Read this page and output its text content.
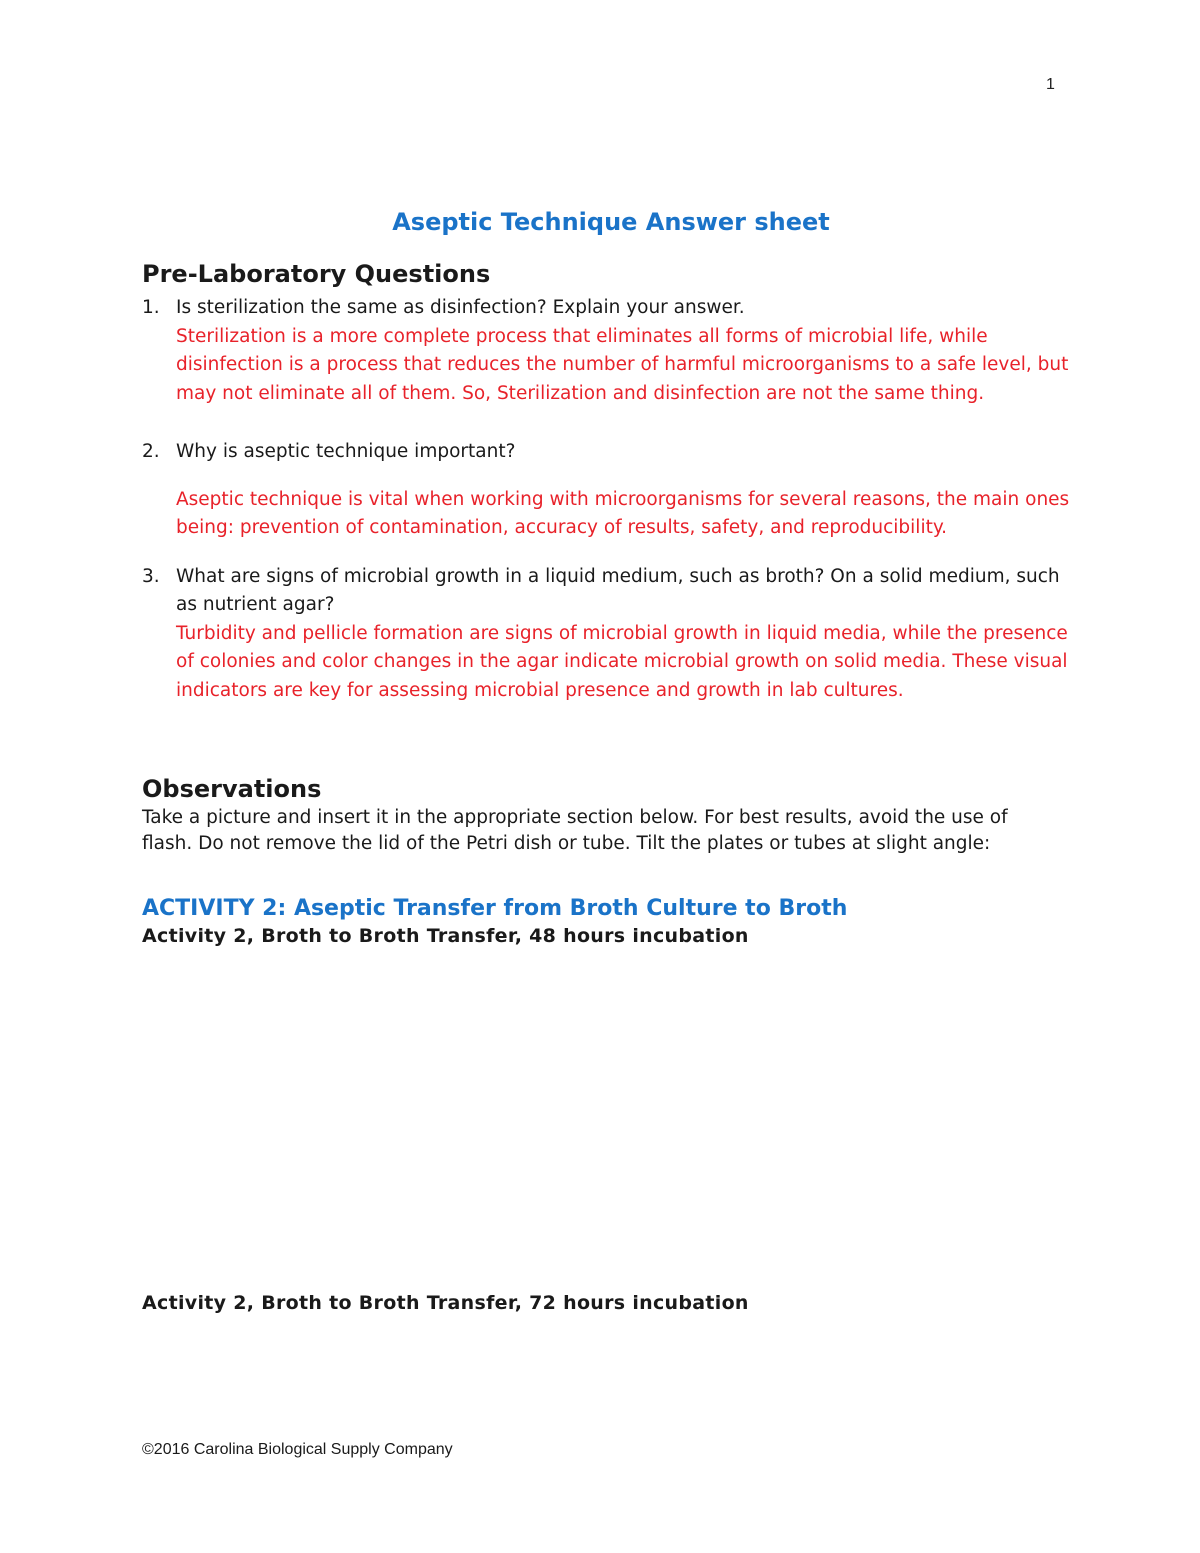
1
Aseptic Technique Answer sheet
Pre-Laboratory Questions
1. Is sterilization the same as disinfection? Explain your answer.
Sterilization is a more complete process that eliminates all forms of microbial life, while disinfection is a process that reduces the number of harmful microorganisms to a safe level, but may not eliminate all of them. So, Sterilization and disinfection are not the same thing.
2. Why is aseptic technique important?
Aseptic technique is vital when working with microorganisms for several reasons, the main ones being: prevention of contamination, accuracy of results, safety, and reproducibility.
3. What are signs of microbial growth in a liquid medium, such as broth? On a solid medium, such as nutrient agar?
Turbidity and pellicle formation are signs of microbial growth in liquid media, while the presence of colonies and color changes in the agar indicate microbial growth on solid media. These visual indicators are key for assessing microbial presence and growth in lab cultures.
Observations

Take a picture and insert it in the appropriate section below. For best results, avoid the use of flash. Do not remove the lid of the Petri dish or tube. Tilt the plates or tubes at slight angle:

ACTIVITY 2: Aseptic Transfer from Broth Culture to Broth
Activity 2, Broth to Broth Transfer, 48 hours incubation
Activity 2, Broth to Broth Transfer, 72 hours incubation
©2016 Carolina Biological Supply Company
